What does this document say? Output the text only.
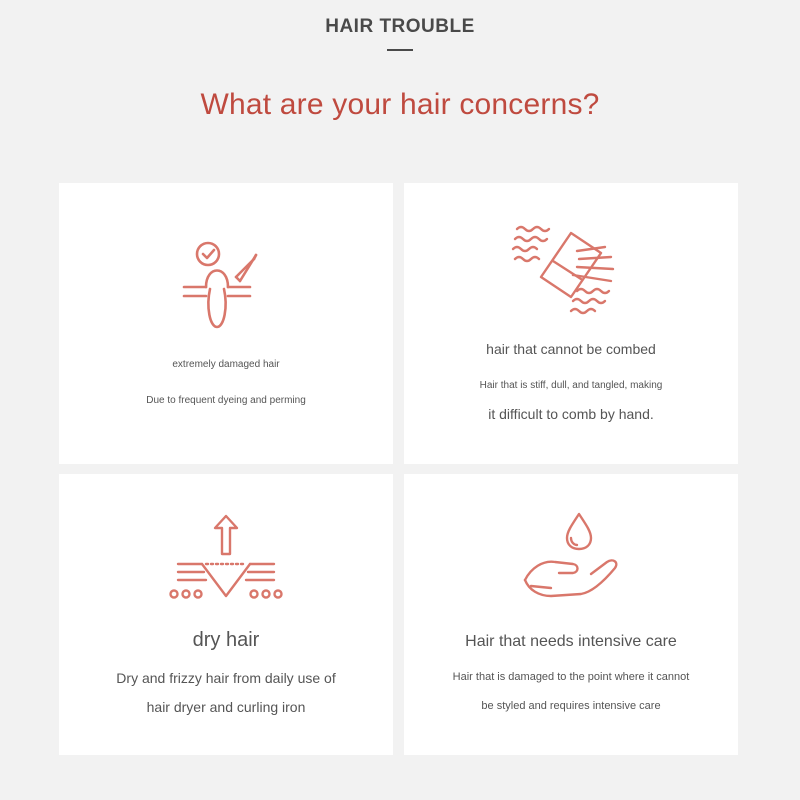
HAIR TROUBLE
What are your hair concerns?
extremely damaged hair
Due to frequent dyeing and perming
hair that cannot be combed
Hair that is stiff, dull, and tangled, making
it difficult to comb by hand.
dry hair
Dry and frizzy hair from daily use of
hair dryer and curling iron
Hair that needs intensive care
Hair that is damaged to the point where it cannot
be styled and requires intensive care
